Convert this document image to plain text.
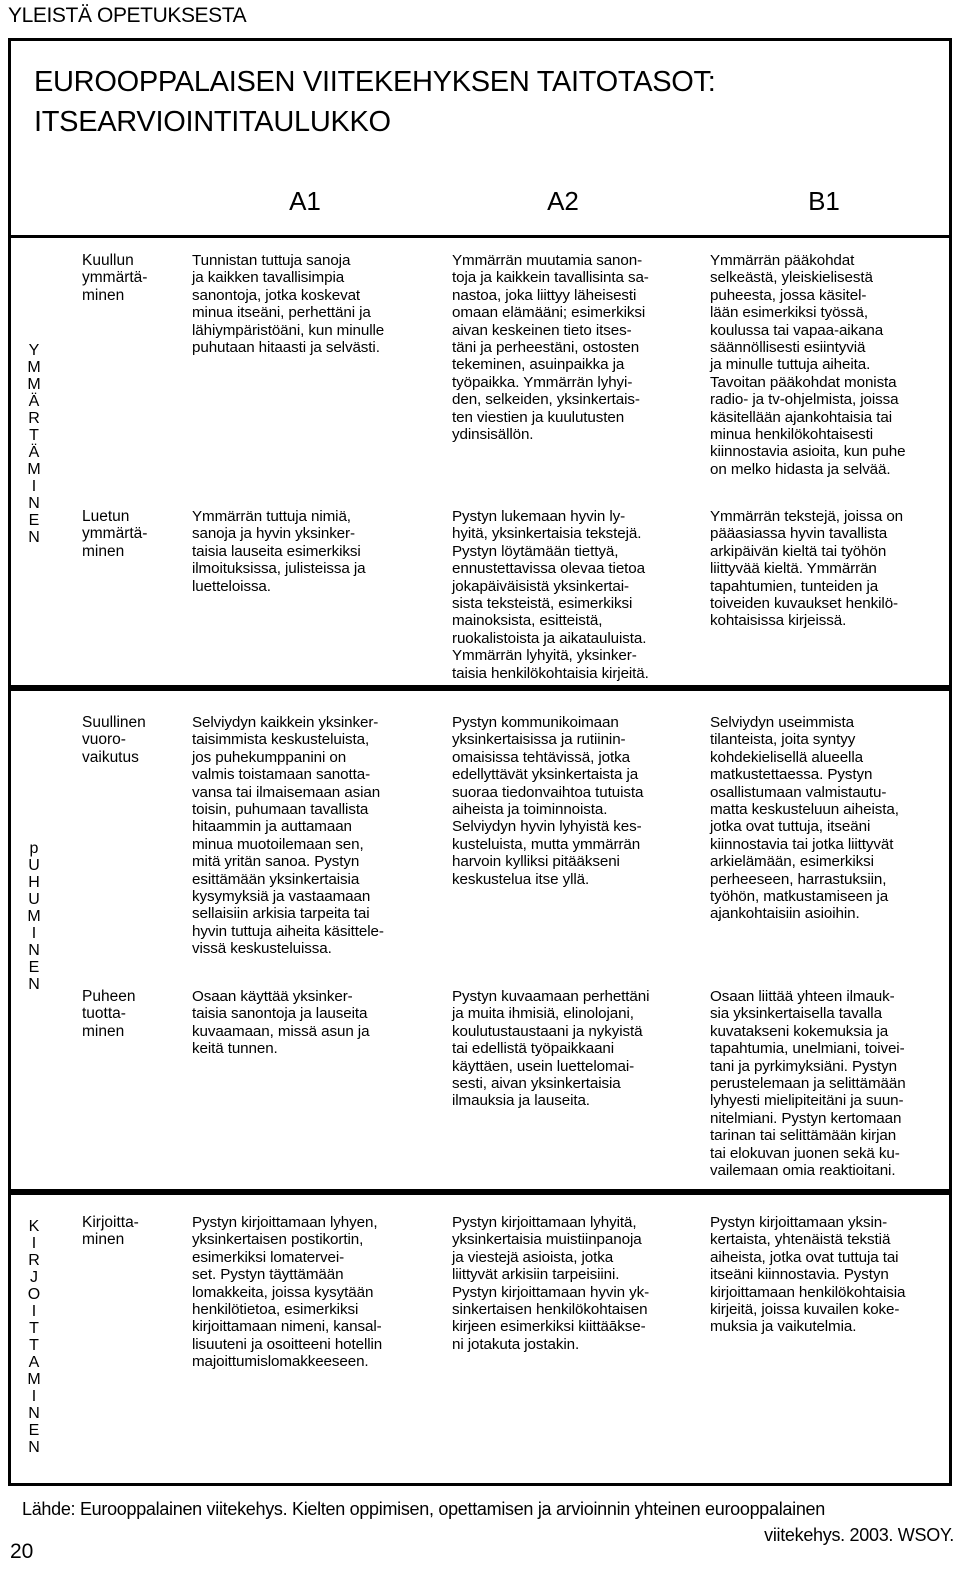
YLEISTÄ OPETUKSESTA
EUROOPPALAISEN VIITEKEHYKSEN TAITOTASOT:
ITSEARVIOINTITAULUKKO
A1	A2	B1
Y
M
M
Ä
R
T
Ä
M
I
N
E
N
Kuullun
ymmärtä-
minen
Tunnistan tuttuja sanoja
ja kaikken tavallisimpia
sanontoja, jotka koskevat
minua itseäni, perhettäni ja
lähiympäristöäni, kun minulle
puhutaan hitaasti ja selvästi.
Ymmärrän muutamia sanon-
toja ja kaikkein tavallisinta sa-
nastoa, joka liittyy läheisesti
omaan elämääni; esimerkiksi
aivan keskeinen tieto itses-
täni ja perheestäni, ostosten
tekeminen, asuinpaikka ja
työpaikka. Ymmärrän lyhyi-
den, selkeiden, yksinkertais-
ten viestien ja kuulutusten
ydinsisällön.
Ymmärrän pääkohdat
selkeästä, yleiskielisestä
puheesta, jossa käsitel-
lään esimerkiksi työssä,
koulussa tai vapaa-aikana
säännöllisesti esiintyviä
ja minulle tuttuja aiheita.
Tavoitan pääkohdat monista
radio- ja tv-ohjelmista, joissa
käsitellään ajankohtaisia tai
minua henkilökohtaisesti
kiinnostavia asioita, kun puhe
on melko hidasta ja selvää.
Luetun
ymmärtä-
minen
Ymmärrän tuttuja nimiä,
sanoja ja hyvin yksinker-
taisia lauseita esimerkiksi
ilmoituksissa, julisteissa ja
luetteloissa.
Pystyn lukemaan hyvin ly-
hyitä, yksinkertaisia tekstejä.
Pystyn löytämään tiettyä,
ennustettavissa olevaa tietoa
jokapäiväisistä yksinkertai-
sista teksteistä, esimerkiksi
mainoksista, esitteistä,
ruokalistoista ja aikatauluista.
Ymmärrän lyhyitä, yksinker-
taisia henkilökohtaisia kirjeitä.
Ymmärrän tekstejä, joissa on
pääasiassa hyvin tavallista
arkipäivän kieltä tai työhön
liittyvää kieltä. Ymmärrän
tapahtumien, tunteiden ja
toiveiden kuvaukset henkilö-
kohtaisissa kirjeissä.
p
U
H
U
M
I
N
E
N
Suullinen
vuoro-
vaikutus
Selviydyn kaikkein yksinker-
taisimmista keskusteluista,
jos puhekumppanini on
valmis toistamaan sanotta-
vansa tai ilmaisemaan asian
toisin, puhumaan tavallista
hitaammin ja auttamaan
minua muotoilemaan sen,
mitä yritän sanoa. Pystyn
esittämään yksinkertaisia
kysymyksiä ja vastaamaan
sellaisiin arkisia tarpeita tai
hyvin tuttuja aiheita käsittele-
vissä keskusteluissa.
Pystyn kommunikoimaan
yksinkertaisissa ja rutiinin-
omaisissa tehtävissä, jotka
edellyttävät yksinkertaista ja
suoraa tiedonvaihtoa tutuista
aiheista ja toiminnoista.
Selviydyn hyvin lyhyistä kes-
kusteluista, mutta ymmärrän
harvoin kylliksi pitääkseni
keskustelua itse yllä.
Selviydyn useimmista
tilanteista, joita syntyy
kohdekielisellä alueella
matkustettaessa. Pystyn
osallistumaan valmistautu-
matta keskusteluun aiheista,
jotka ovat tuttuja, itseäni
kiinnostavia tai jotka liittyvät
arkielämään, esimerkiksi
perheeseen, harrastuksiin,
työhön, matkustamiseen ja
ajankohtaisiin asioihin.
Puheen
tuotta-
minen
Osaan käyttää yksinker-
taisia sanontoja ja lauseita
kuvaamaan, missä asun ja
keitä tunnen.
Pystyn kuvaamaan perhettäni
ja muita ihmisiä, elinolojani,
koulutustaustaani ja nykyistä
tai edellistä työpaikkaani
käyttäen, usein luettelomai-
sesti, aivan yksinkertaisia
ilmauksia ja lauseita.
Osaan liittää yhteen ilmauk-
sia yksinkertaisella tavalla
kuvatakseni kokemuksia ja
tapahtumia, unelmiani, toivei-
tani ja pyrkimyksiäni. Pystyn
perustelemaan ja selittämään
lyhyesti mielipiteitäni ja suun-
nitelmiani. Pystyn kertomaan
tarinan tai selittämään kirjan
tai elokuvan juonen sekä ku-
vailemaan omia reaktioitani.
K
I
R
J
O
I
T
T
A
M
I
N
E
N
Kirjoitta-
minen
Pystyn kirjoittamaan lyhyen,
yksinkertaisen postikortin,
esimerkiksi lomatervei-
set. Pystyn täyttämään
lomakkeita, joissa kysytään
henkilötietoa, esimerkiksi
kirjoittamaan nimeni, kansal-
lisuuteni ja osoitteeni hotellin
majoittumislomakkeeseen.
Pystyn kirjoittamaan lyhyitä,
yksinkertaisia muistiinpanoja
ja viestejä asioista, jotka
liittyvät arkisiin tarpeisiini.
Pystyn kirjoittamaan hyvin yk-
sinkertaisen henkilökohtaisen
kirjeen esimerkiksi kiittäākse-
ni jotakuta jostakin.
Pystyn kirjoittamaan yksin-
kertaista, yhtenäistä tekstiä
aiheista, jotka ovat tuttuja tai
itseäni kiinnostavia. Pystyn
kirjoittamaan henkilökohtaisia
kirjeitä, joissa kuvailen koke-
muksia ja vaikutelmia.
Lähde: Eurooppalainen viitekehys. Kielten oppimisen, opettamisen ja arvioinnin yhteinen eurooppalainen
viitekehys. 2003. WSOY.
20
